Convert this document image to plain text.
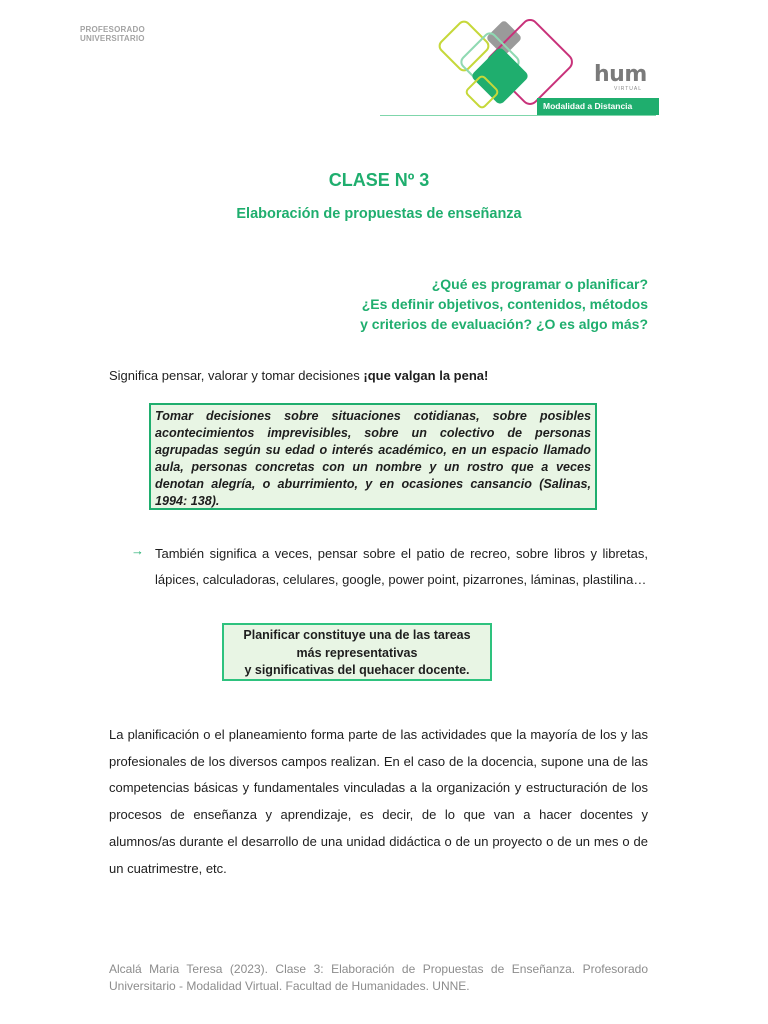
PROFESORADO
UNIVERSITARIO
hum
VIRTUAL
Modalidad a Distancia
CLASE Nº 3
Elaboración de propuestas de enseñanza
¿Qué es programar o planificar?
¿Es definir objetivos, contenidos, métodos
y criterios de evaluación? ¿O es algo más?
Significa pensar, valorar y tomar decisiones ¡que valgan la pena!
Tomar decisiones sobre situaciones cotidianas, sobre posibles acontecimientos imprevisibles, sobre un colectivo de personas agrupadas según su edad o interés académico, en un espacio llamado aula, personas concretas con un nombre y un rostro que a veces denotan alegría, o aburrimiento, y en ocasiones cansancio (Salinas, 1994: 138).
→ También significa a veces, pensar sobre el patio de recreo, sobre libros y libretas, lápices, calculadoras, celulares, google, power point, pizarrones, láminas, plastilina…
Planificar constituye una de las tareas
más representativas
y significativas del quehacer docente.
La planificación o el planeamiento forma parte de las actividades que la mayoría de los y las profesionales de los diversos campos realizan. En el caso de la docencia, supone una de las competencias básicas y fundamentales vinculadas a la organización y estructuración de los procesos de enseñanza y aprendizaje, es decir, de lo que van a hacer docentes y alumnos/as durante el desarrollo de una unidad didáctica o de un proyecto o de un mes o de un cuatrimestre, etc.
Alcalá Maria Teresa (2023). Clase 3: Elaboración de Propuestas de Enseñanza. Profesorado Universitario - Modalidad Virtual. Facultad de Humanidades. UNNE.
